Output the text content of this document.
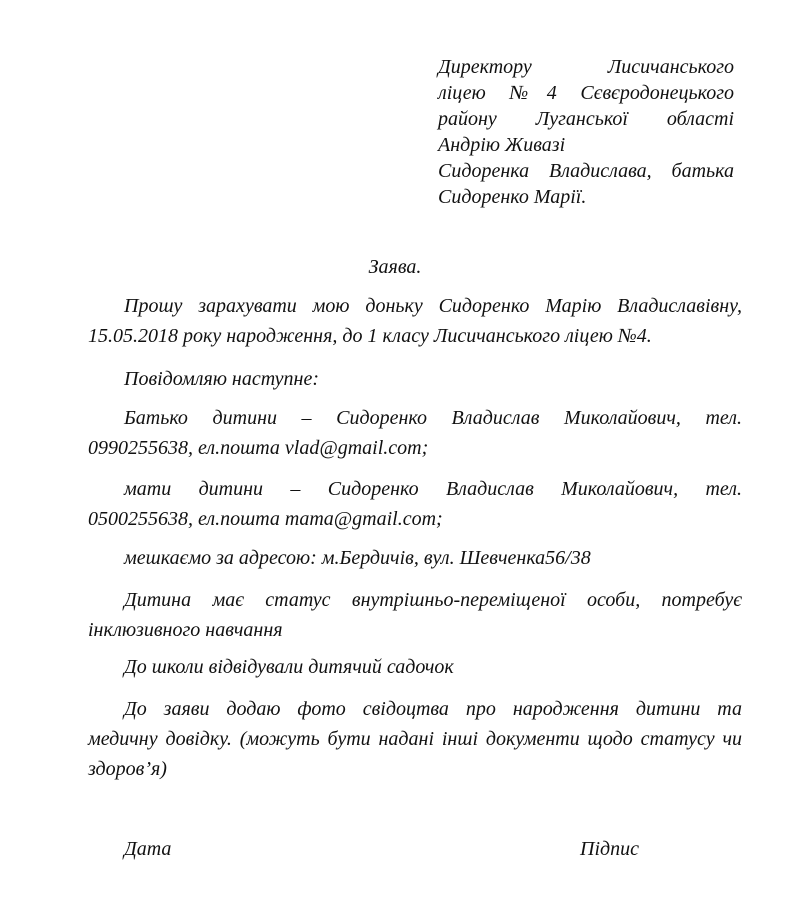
Директору Лисичанського
ліцею №4 Сєвєродонецького
району Луганської області
Андрію Живазі
Сидоренка Владислава, батька
Сидоренко Марії.
Заява.
Прошу зарахувати мою доньку Сидоренко Марію Владиславівну,
15.05.2018 року народження, до 1 класу Лисичанського ліцею №4.
Повідомляю наступне:
Батько дитини – Сидоренко Владислав Миколайович, тел.
0990255638, ел.пошта vlad@gmail.com;
мати дитини – Сидоренко Владислав Миколайович, тел.
0500255638, ел.пошта mama@gmail.com;
мешкаємо за адресою: м.Бердичів, вул. Шевченка56/38
Дитина має статус внутрішньо-переміщеної особи, потребує
інклюзивного навчання
До школи відвідували дитячий садочок
До заяви додаю фото свідоцтва про народження дитини та
медичну довідку. (можуть бути надані інші документи щодо статусу чи
здоров’я)
Дата	Підпис
